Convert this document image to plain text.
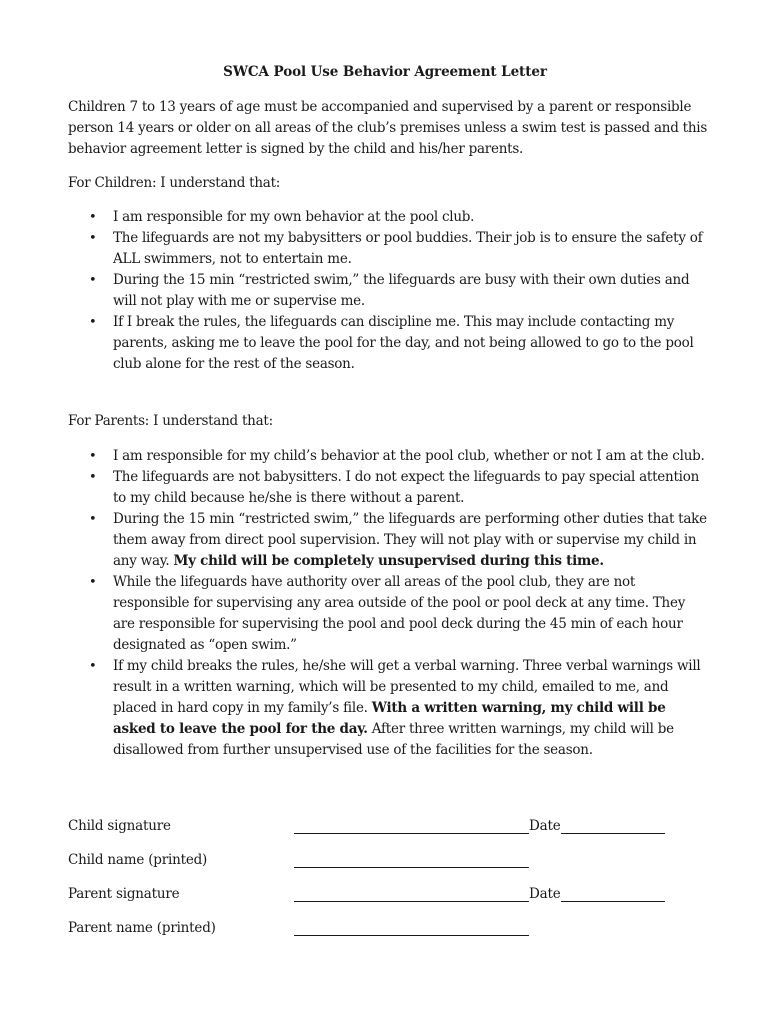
SWCA Pool Use Behavior Agreement Letter
Children 7 to 13 years of age must be accompanied and supervised by a parent or responsible person 14 years or older on all areas of the club’s premises unless a swim test is passed and this behavior agreement letter is signed by the child and his/her parents.
For Children: I understand that:
• I am responsible for my own behavior at the pool club.
• The lifeguards are not my babysitters or pool buddies. Their job is to ensure the safety of ALL swimmers, not to entertain me.
• During the 15 min “restricted swim,” the lifeguards are busy with their own duties and will not play with me or supervise me.
• If I break the rules, the lifeguards can discipline me. This may include contacting my parents, asking me to leave the pool for the day, and not being allowed to go to the pool club alone for the rest of the season.
For Parents: I understand that:
• I am responsible for my child’s behavior at the pool club, whether or not I am at the club.
• The lifeguards are not babysitters. I do not expect the lifeguards to pay special attention to my child because he/she is there without a parent.
• During the 15 min “restricted swim,” the lifeguards are performing other duties that take them away from direct pool supervision. They will not play with or supervise my child in any way. My child will be completely unsupervised during this time.
• While the lifeguards have authority over all areas of the pool club, they are not responsible for supervising any area outside of the pool or pool deck at any time. They are responsible for supervising the pool and pool deck during the 45 min of each hour designated as “open swim.”
• If my child breaks the rules, he/she will get a verbal warning. Three verbal warnings will result in a written warning, which will be presented to my child, emailed to me, and placed in hard copy in my family’s file. With a written warning, my child will be asked to leave the pool for the day. After three written warnings, my child will be disallowed from further unsupervised use of the facilities for the season.
Child signature	Date
Child name (printed)
Parent signature	Date
Parent name (printed)
